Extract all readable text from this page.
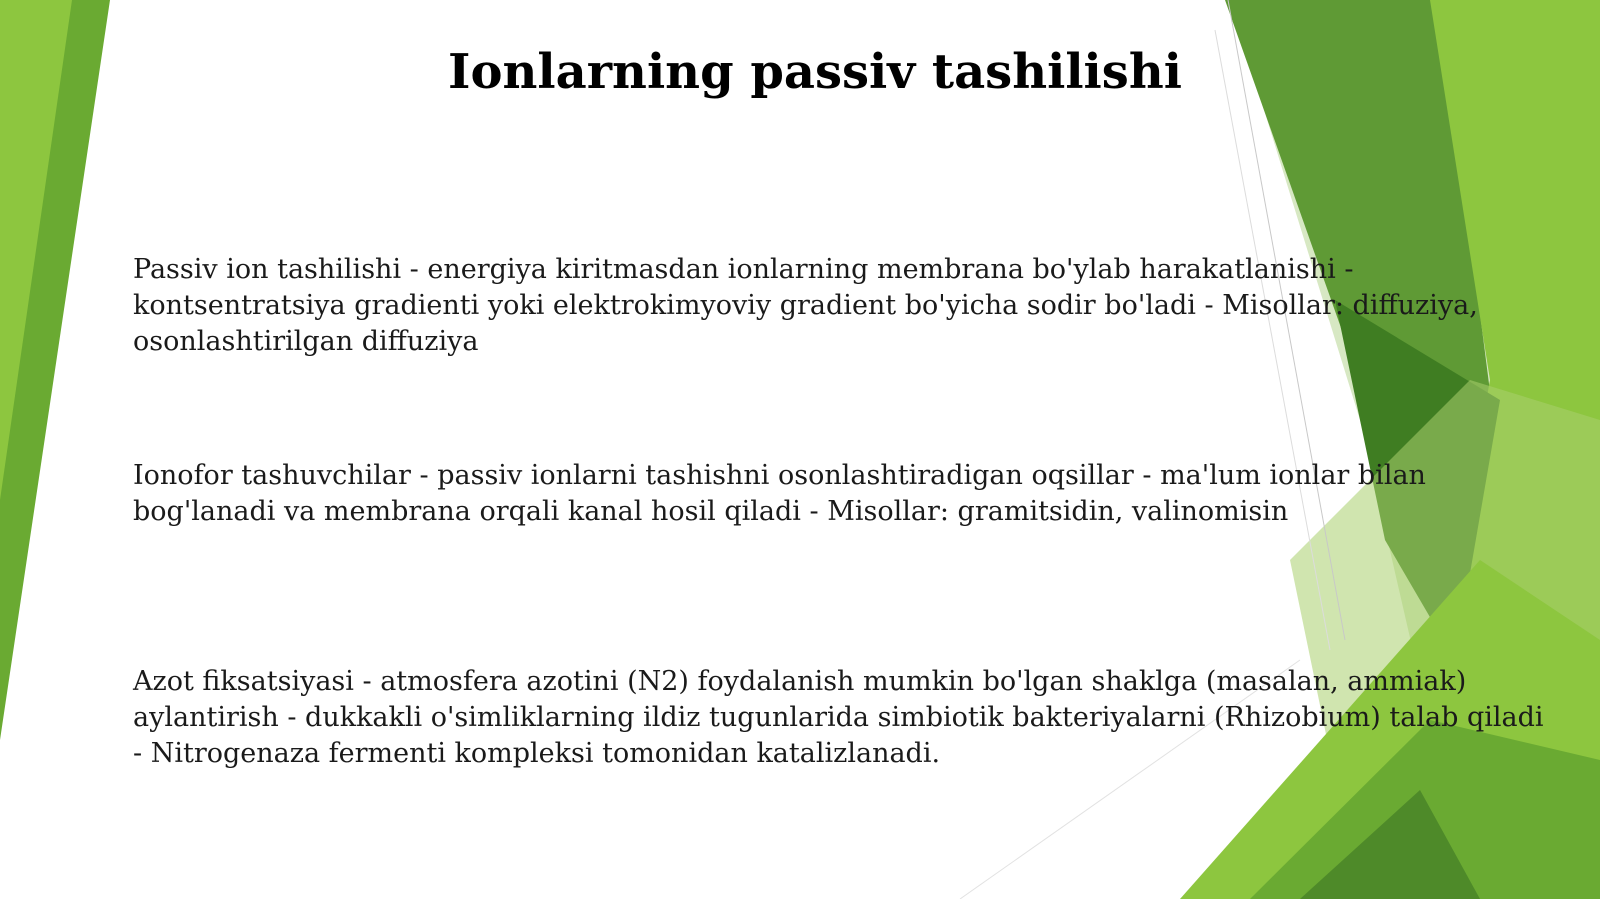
Ionlarning passiv tashilishi
Passiv ion tashilishi - energiya kiritmasdan ionlarning membrana bo'ylab harakatlanishi - kontsentratsiya gradienti yoki elektrokimyoviy gradient bo'yicha sodir bo'ladi - Misollar: diffuziya, osonlashtirilgan diffuziya
Ionofor tashuvchilar - passiv ionlarni tashishni osonlashtiradigan oqsillar - ma'lum ionlar bilan bog'lanadi va membrana orqali kanal hosil qiladi - Misollar: gramitsidin, valinomisin
Azot fiksatsiyasi - atmosfera azotini (N2) foydalanish mumkin bo'lgan shaklga (masalan, ammiak) aylantirish - dukkakli o'simliklarning ildiz tugunlarida simbiotik bakteriyalarni (Rhizobium) talab qiladi - Nitrogenaza fermenti kompleksi tomonidan katalizlanadi.
